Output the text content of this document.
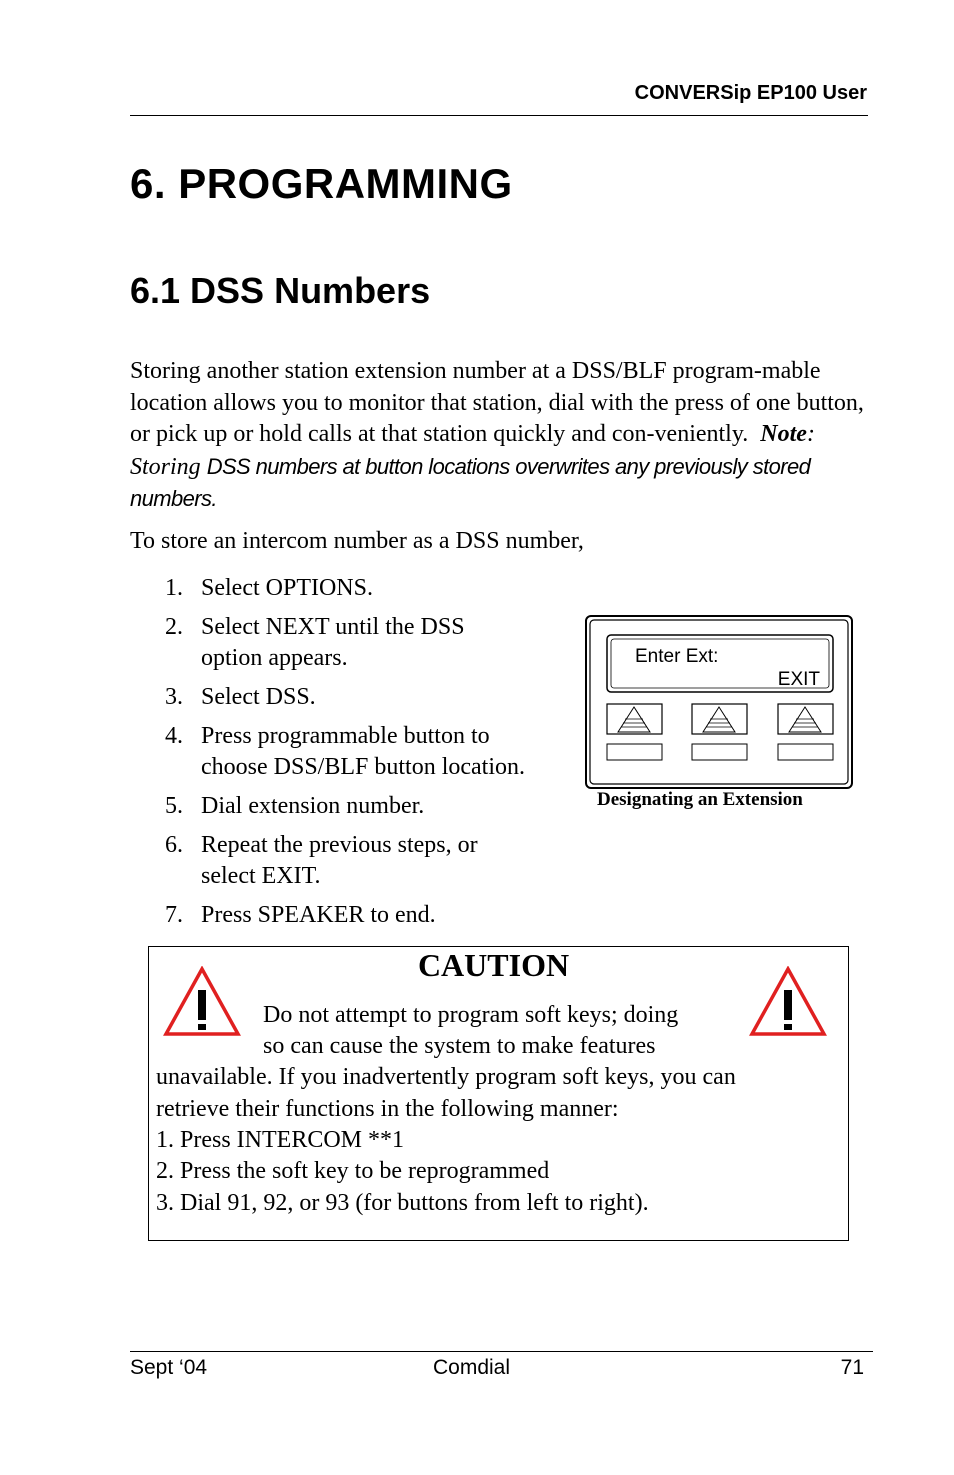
CONVERSip EP100 User
6. PROGRAMMING
6.1 DSS Numbers
Storing another station extension number at a DSS/BLF program-mable location allows you to monitor that station, dial with the press of one button, or pick up or hold calls at that station quickly and con-veniently. Note:  Storing DSS numbers at button locations overwrites any previously stored numbers.
To store an intercom number as a DSS number,
1. Select OPTIONS.
2. Select NEXT until the DSS option appears.
3. Select DSS.
4. Press programmable button to choose DSS/BLF button location.
5. Dial extension number.
6. Repeat the previous steps, or select EXIT.
7. Press SPEAKER to end.
Enter Ext:
EXIT
Designating an Extension
CAUTION
Do not attempt to program soft keys; doing
so can cause the system to make features
unavailable. If you inadvertently program soft keys, you can
retrieve their functions in the following manner:
1. Press INTERCOM **1
2. Press the soft key to be reprogrammed
3. Dial 91, 92, or 93 (for buttons from left to right).
Sept ‘04	Comdial	71
